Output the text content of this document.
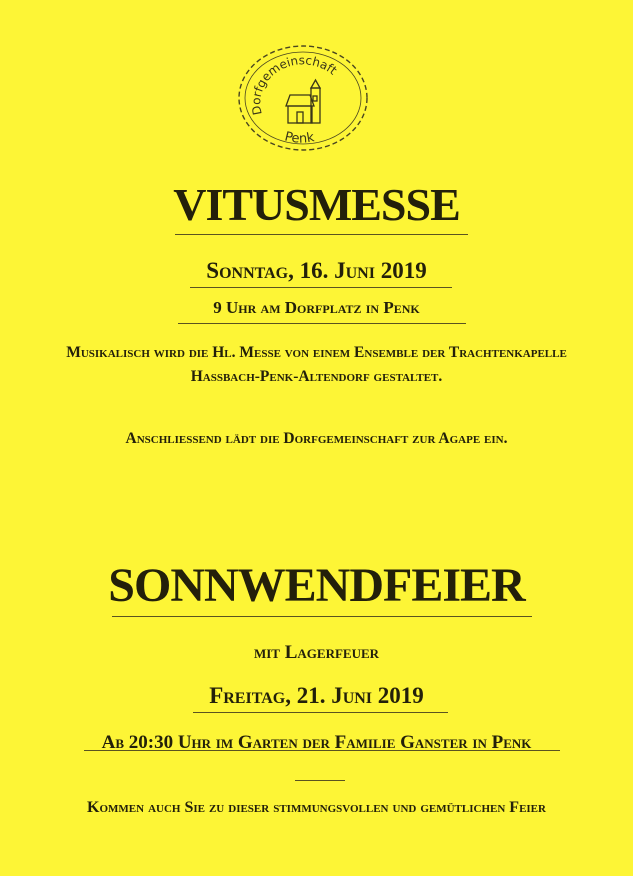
Dorfgemeinschaft
Penk
VITUSMESSE
Sonntag, 16. Juni 2019
9 Uhr am Dorfplatz in Penk
Musikalisch wird die Hl. Messe von einem Ensemble der Trachtenkapelle Haßbach-Penk-Altendorf gestaltet.
Anschließend lädt die Dorfgemeinschaft zur Agape ein.
SONNWENDFEIER
mit Lagerfeuer
Freitag, 21. Juni 2019
Ab 20:30 Uhr im Garten der Familie Ganster in Penk
Kommen auch Sie zu dieser stimmungsvollen und gemütlichen Feier
